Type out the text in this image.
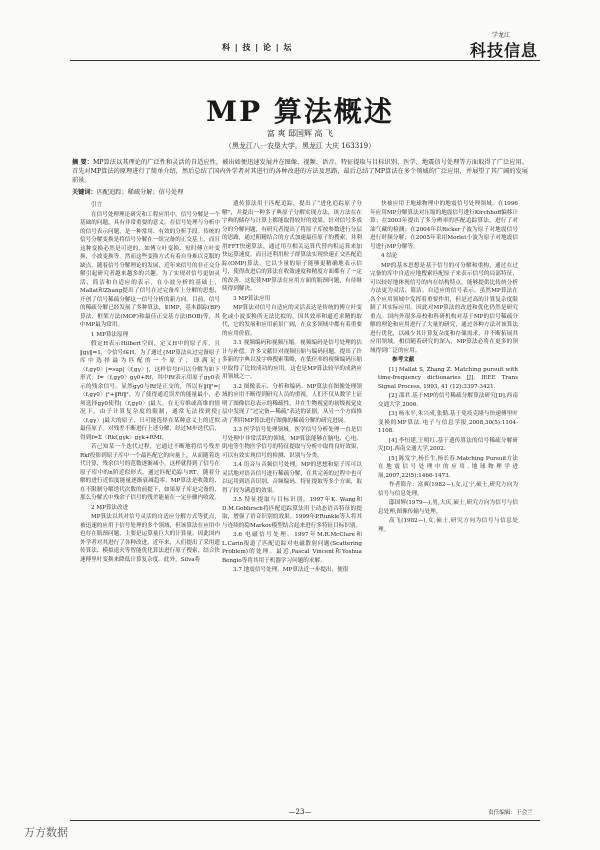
科 | 技 | 论 | 坛
学龙江
科技信息
MP 算法概述
富 爽 邸国辉 高 飞
（黑龙江八一农垦大学，黑龙江 大庆 163319）
摘 要：MP算法以其理论的广泛性和灵活的自适应性，被出如便迅速发展并在图像、视频、语音、特征提取与目标识别、医学、地震信号处理等方面取得了广泛应用。首先对MP算法的原理进行了简单介绍，然后总结了国内外学者对其进行的各种改进的方法及思路，最后总结了MP算法在多个领域的广泛应用，并展望了其广阔的发展前景。
关键词：匹配追踪；稀疏分解；信号处理

引言

在信号处理理论研究和工程应用中，信号分解是一个基础的问题，具有非常重要的意义。在信号处理与分析中的信号表示问题，是一种常用、有效的分析手段。传统的信号分解变换是将信号分解在一组完备的正交基上，而且这种变换必然是可逆的，如傅立叶变换、短时傅立叶变换、小波变换等。然而这些变换方式有着自身难以克服的缺点。随着信号分解理论的发展，近年来信号的非正交分解引起研究者越来越多的兴趣。为了实现对信号更加灵活、简洁和自适应的表示，在小波分析的基础上，Mallat和Zhang提出了信号在过完备库上分解的思想，开创了信号稀疏分解这一信号分析的新方向。目前，信号的稀疏分解已经发展了多种算法，如MP、基本跟踪(BP)算法、框架方法(MOF)和最佳正交基方法(BOB)等，其中MP最为常用。

1 MP算法原理

假定H表示Hilbert空间，定义H中的原子库，且‖gγ‖=1，令信号f∈H，为了通过{MP算法从过完备原子库中选择最为匹配的一个原子，即满足|〈f,gγ0〉|=sup|〈f,gγ〉|，这样信号f可以分解为如下形式：f=〈f,gγ0〉gγ0+Rf，其中Rf表示用原子gγ0表示的残余信号。显然gγ0与Rf是正交的，所以有‖f‖²=|〈f,gγ0〉|²+‖Rf‖²。为了使得通近误差的能量最小，必须选择gγ0使得|〈f,gγ0〉|最大。在无穷维或高维的情况下，由于计算复杂度的限制，通常无法找到使|〈f,gγ〉|最大的原子，只可能选择在某种意义上的近似最佳原子。对残差不断进行上述分解，经过M步迭代后，得到f=Σ〈Rkf,gγk〉gγk+RMf。

若已知某一个迭代过程，它通过不断地将信号残差Rkf投影到原子库中一个最匹配它的向量上，从而随着迭代计算，残余信号的范数逐渐减小。这样就得到了信号在原子库中的n阶近似形式，通过匹配追踪与RT，随着分解的进行近似度能量逐渐衰减趋零。MP算法是收敛的，在不限制分解迭代次数的前提下，如果原子库是完备的，那么分解式中残余子信号的残差能量在一定步骤内收敛。

2 MP算法改进

MP算法以其对信号灵活的自适应分解方式等优点，被迅速的应用于信号处理的多个领域，但该算法在应用中也存在瓶颈问题，主要是运算量巨大的计算量。因此国内外学者对其进行了各种改进。近年来，人们提出了采用遗传算法、模拟退火等智能优化算法进行原子搜索，结合快速傅里叶变换来降低计算复杂度。此外，Silva将

遗传算法用于匹配追踪，提出了“进化追踪原子分解”，并提出一种多子典原子分解实现方法，该方法在在字典的储存与计算上都能取得较好的效果。针对信号多成分的分解问题，有研究者提出了将原子库按参数进行分层的思路，通过粗精结合的方式加速最佳原子的搜索，并利用FFT快速算法，通过用互相关运算代替内积运算来加快运算速度。而且还利用粒子群算法实现快速正交匹配追踪(OMP)算法，它以少量的原子能够更精确地表示信号，使得改进后的算法在收敛速度和精度方面都有了一定的改善，这促使MP算法在应用方面的瓶颈问题，有待继续得到解决。

3 MP算法应用

MP算法对信号自适应的灵活表达是传统的傅立叶变化或小波变换所无法比拟的，因其效率和逼近求精的取代，它的发展和应用前景广阔，在众多领域中都有着重要的应用价值。

3.1 视频编码和视频压缩。视频编码是信号处理的估计与补偿。许多文献针对视频压缩与编码问题，提出了许多新的字典以及字典搜索策略，在低位率的视频编码压缩中取得了比较成功的应用。这也是MP算法较早的成熟应用领域之一。

3.2 图像表示、分析和编码。MP算法在图像处理领域的应用不断得到研究人员的重视。人们不仅从数学上证明了图像信息表示的稀疏性，并在生物视觉的初级视觉皮层中发现了“过完备—稀疏”表达的证据。从另一个方面推动了利用MP算法进行图像的稀疏分解的研究进展。

3.3 医学信号处理领域。医学信号分析处理一直是信号处理中非常活跃的领域。MP算法能够在脑电、心电、肌电等生物医学信号的特征提取与分析中取得良好效果，可以有效实现信号的检测、识别与分类。

3.4 语音与音频信号处理。MP的思想和原子库可以灵活地对语音信号进行稀疏分解，在其完善的过程中也可以运用到语音识别、音频编码、特征提取等多个方面，取得了较为满意的效果。

3.5 特征提取与目标识别。1997年K. Wang和D.M.Goblirsch将匹配追踪算法用于动态语音特征的提取，增强了语音识别的效果。1999年P.Runkle等人将其与连续的隐Markov模型结合起来进行多特征目标识别。

3.6 电磁信号处理。1997年M.R.McClure和L.Carin报道了匹配追踪对电磁散射问题(Scattering Problem)的处理。最近,Pascal Vincent和Yoshua Bengio等将其用于机器学习问题的求解。

3.7 地震信号处理。MP算法近一步提出，便很

快被应用于地球物理中的地震信号处理领域。在1996年应用MP分解算法对压缩的地震信号进行Kirchhoff偏移计算；在2003年提出了多分辨率的匹配追踪算法，进行了对油气藏的检测；在2004年以Ricker子波为原子对地震信号进行时频分解；在2005年采用Morlet小波为原子对地震信号进行MP分解等。

4 结论

MP的基本思想是基于信号的可分解和重构，通过在过完备的库中自适应地搜索匹配原子来表示信号的局部特征，可以较好地体现信号的内在结构特点，能够提供比传统分析方法更为灵活、简洁、自适应的信号表示。虽然MP算法在各个应用领域中发挥着重要作用，但是过高的计算复杂度限制了其实际应用。因此对MP算法的改进和优化仍然是研究重点。国内外很多高校和科研机构对基于MP的信号稀疏分解的理论和应用进行了大量的研究，通过各种方法对该算法进行优化，以减少其计算复杂度和存储需求，并不断拓展其应用领域，相信随着研究的深入，MP算法必将在更多的领域得到广泛的应用。

参考文献

[1] Mallat S, Zhang Z. Matching pursuit with time-frequency dictionaries [J]. IEEE Trans Signal Process, 1993, 41 (12):3397-3421.

[2] 邵君.基于MP的信号稀疏分解算法研究[D].西南交通大学,2006.

[3] 杨永平,朱兴成,张勤.基于免疫克隆与快速傅里叶变换的MP算法.电子与信息学报,2008,30(5):1104-1108.

[4] 李恒建,王明红.基于遗传算法的信号稀疏分解研究[D].西南交通大学,2002.

[5] 陈发宇,杨长生,杨长春.Matching Pursuit方法在地震信号处理中的应用.地球物理学进展,2007,22(5):1466-1473.

作者简介：富爽(1982—),女,辽宁,硕士,研究方向为信号与信息处理。

邸国辉(1979—),男,大庆,硕士,研究方向为信号与信息处理,图像传输与处理。

高飞(1982—),女,硕士,研究方向为信号与信息处理。

责任编辑：于会兰
—23—
万方数据
